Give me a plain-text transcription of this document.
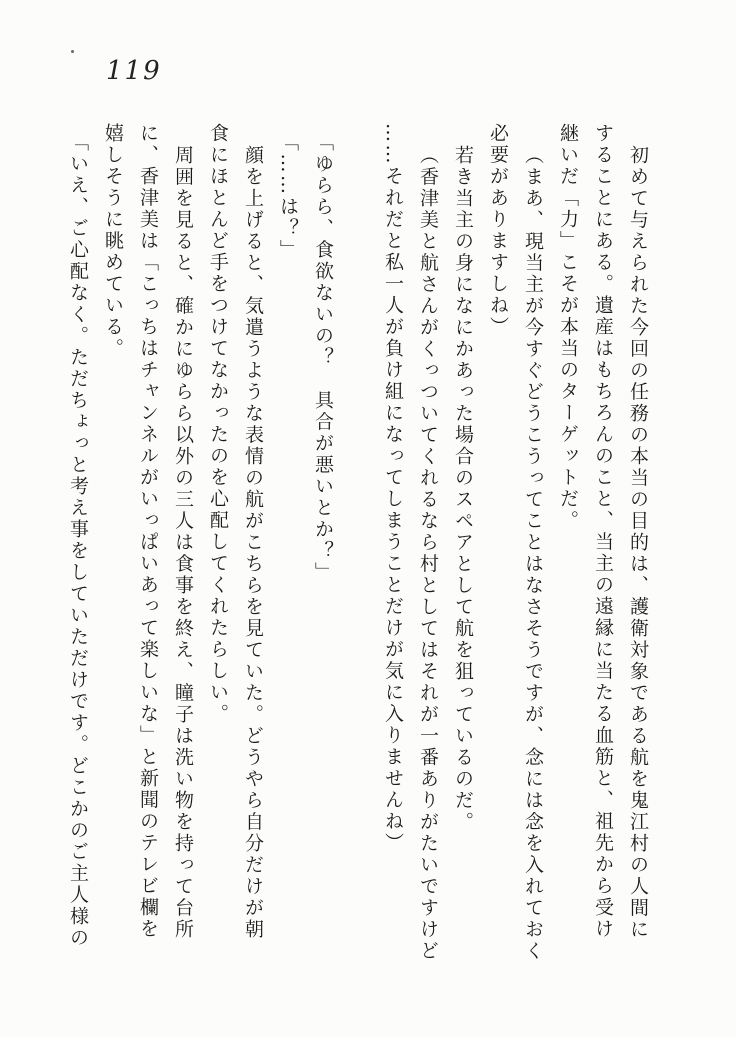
119
初めて与えられた今回の任務の本当の目的は、護衛対象である航を鬼江村の人間に
することにある。遺産はもちろんのこと、当主の遠縁に当たる血筋と、祖先から受け
継いだ「力」こそが本当のターゲットだ。
（まあ、現当主が今すぐどうこうってことはなさそうですが、念には念を入れておく
必要がありますしね）
若き当主の身になにかあった場合のスペアとして航を狙っているのだ。
（香津美と航さんがくっついてくれるなら村としてはそれが一番ありがたいですけど
……それだと私一人が負け組になってしまうことだけが気に入りませんね）
「ゆらら、食欲ないの？　具合が悪いとか？」
「……は？」
顔を上げると、気遣うような表情の航がこちらを見ていた。どうやら自分だけが朝
食にほとんど手をつけてなかったのを心配してくれたらしい。
周囲を見ると、確かにゆらら以外の三人は食事を終え、瞳子は洗い物を持って台所
に、香津美は「こっちはチャンネルがいっぱいあって楽しいな」と新聞のテレビ欄を
嬉しそうに眺めている。
「いえ、ご心配なく。ただちょっと考え事をしていただけです。どこかのご主人様の
